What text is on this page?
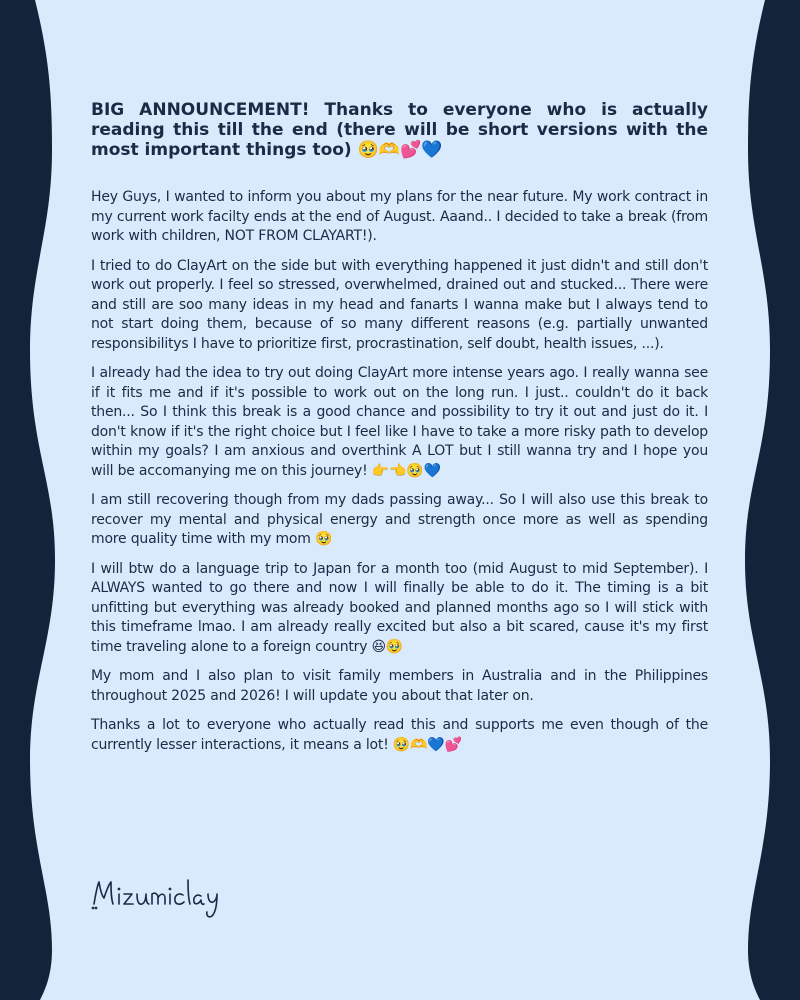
BIG ANNOUNCEMENT! Thanks to everyone who is actually reading this till the end (there will be short versions with the most important things too) 🥹🫶💕💙

Hey Guys, I wanted to inform you about my plans for the near future. My work contract in my current work facilty ends at the end of August. Aaand.. I decided to take a break (from work with children, NOT FROM CLAYART!).

I tried to do ClayArt on the side but with everything happened it just didn't and still don't work out properly. I feel so stressed, overwhelmed, drained out and stucked... There were and still are soo many ideas in my head and fanarts I wanna make but I always tend to not start doing them, because of so many different reasons (e.g. partially unwanted responsibilitys I have to prioritize first, procrastination, self doubt, health issues, ...).

I already had the idea to try out doing ClayArt more intense years ago. I really wanna see if it fits me and if it's possible to work out on the long run. I just.. couldn't do it back then... So I think this break is a good chance and possibility to try it out and just do it. I don't know if it's the right choice but I feel like I have to take a more risky path to develop within my goals? I am anxious and overthink A LOT but I still wanna try and I hope you will be accomanying me on this journey! 👉👈🥹💙

I am still recovering though from my dads passing away... So I will also use this break to recover my mental and physical energy and strength once more as well as spending more quality time with my mom 🥹

I will btw do a language trip to Japan for a month too (mid August to mid September). I ALWAYS wanted to go there and now I will finally be able to do it. The timing is a bit unfitting but everything was already booked and planned months ago so I will stick with this timeframe lmao. I am already really excited but also a bit scared, cause it's my first time traveling alone to a foreign country 😆🥹

My mom and I also plan to visit family members in Australia and in the Philippines throughout 2025 and 2026! I will update you about that later on.

Thanks a lot to everyone who actually read this and supports me even though of the currently lesser interactions, it means a lot! 🥹🫶💙💕
